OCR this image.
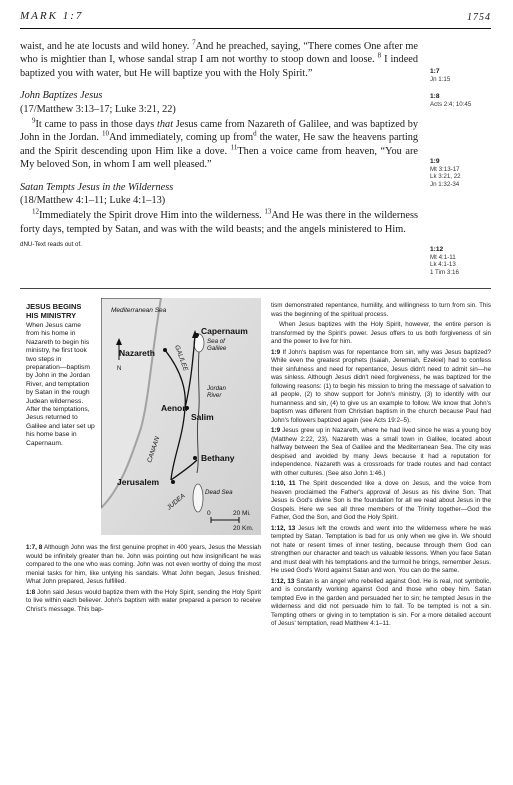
MARK 1:7	1754

waist, and he ate locusts and wild honey. $^7$And he preached, saying, “There comes One after me who is mightier than I, whose sandal strap I am not worthy to stoop down and loose. $^8$ I indeed baptized you with water, but He will baptize you with the Holy Spirit.”

John Baptizes Jesus
(17/Matthew 3:13–17; Luke 3:21, 22)

$^9$It came to pass in those days that Jesus came from Nazareth of Galilee, and was baptized by John in the Jordan. $^{10}$And immediately, coming up from$^d$ the water, He saw the heavens parting and the Spirit descending upon Him like a dove. $^{11}$Then a voice came from heaven, “You are My beloved Son, in whom I am well pleased.”

Satan Tempts Jesus in the Wilderness
(18/Matthew 4:1–11; Luke 4:1–13)

$^{12}$Immediately the Spirit drove Him into the wilderness. $^{13}$And He was there in the wilderness forty days, tempted by Satan, and was with the wild beasts; and the angels ministered to Him.

dNU-Text reads out of.
1:7
Jn 1:15
1:8
Acts 2:4; 10:45
1:9
Mt 3:13-17
Lk 3:21, 22
Jn 1:32-34
1:12
Mt 4:1-11
Lk 4:1-13
1 Tim 3:16
JESUS BEGINS
HIS MINISTRY
When Jesus came from his home in Nazareth to begin his ministry, he first took two steps in preparation—baptism by John in the Jordan River, and temptation by Satan in the rough Judean wilderness. After the temptations, Jesus returned to Galilee and later set up his home base in Capernaum.
Mediterranean Sea
N	GALILEE
CANAAN
JUDEA
Capernaum
Sea of
Galilee
Nazareth
Jordan
River
Aenon
Salim
Bethany
Jerusalem
Dead Sea
0	20 Mi.
20 Km.

1:7, 8 Although John was the first genuine prophet in 400 years, Jesus the Messiah would be infinitely greater than he. John was pointing out how insignificant he was compared to the one who was coming. John was not even worthy of doing the most menial tasks for him, like untying his sandals. What John began, Jesus finished. What John prepared, Jesus fulfilled.

1:8 John said Jesus would baptize them with the Holy Spirit, sending the Holy Spirit to live within each believer. John's baptism with water prepared a person to receive Christ's message. This bap-

tism demonstrated repentance, humility, and willingness to turn from sin. This was the beginning of the spiritual process.

When Jesus baptizes with the Holy Spirit, however, the entire person is transformed by the Spirit's power. Jesus offers to us both forgiveness of sin and the power to live for him.

1:9 If John's baptism was for repentance from sin, why was Jesus baptized? While even the greatest prophets (Isaiah, Jeremiah, Ezekiel) had to confess their sinfulness and need for repentance, Jesus didn't need to admit sin—he was sinless. Although Jesus didn't need forgiveness, he was baptized for the following reasons: (1) to begin his mission to bring the message of salvation to all people, (2) to show support for John's ministry, (3) to identify with our humanness and sin, (4) to give us an example to follow. We know that John's baptism was different from Christian baptism in the church because Paul had John's followers baptized again (see Acts 19:2–5).

1:9 Jesus grew up in Nazareth, where he had lived since he was a young boy (Matthew 2:22, 23). Nazareth was a small town in Galilee, located about halfway between the Sea of Galilee and the Mediterranean Sea. The city was despised and avoided by many Jews because it had a reputation for independence. Nazareth was a crossroads for trade routes and had contact with other cultures. (See also John 1:46.)

1:10, 11 The Spirit descended like a dove on Jesus, and the voice from heaven proclaimed the Father's approval of Jesus as his divine Son. That Jesus is God's divine Son is the foundation for all we read about Jesus in the Gospels. Here we see all three members of the Trinity together—God the Father, God the Son, and God the Holy Spirit.

1:12, 13 Jesus left the crowds and went into the wilderness where he was tempted by Satan. Temptation is bad for us only when we give in. We should not hate or resent times of inner testing, because through them God can strengthen our character and teach us valuable lessons. When you face Satan and must deal with his temptations and the turmoil he brings, remember Jesus. He used God's Word against Satan and won. You can do the same.

1:12, 13 Satan is an angel who rebelled against God. He is real, not symbolic, and is constantly working against God and those who obey him. Satan tempted Eve in the garden and persuaded her to sin; he tempted Jesus in the wilderness and did not persuade him to fall. To be tempted is not a sin. Tempting others or giving in to temptation is sin. For a more detailed account of Jesus' temptation, read Matthew 4:1–11.
